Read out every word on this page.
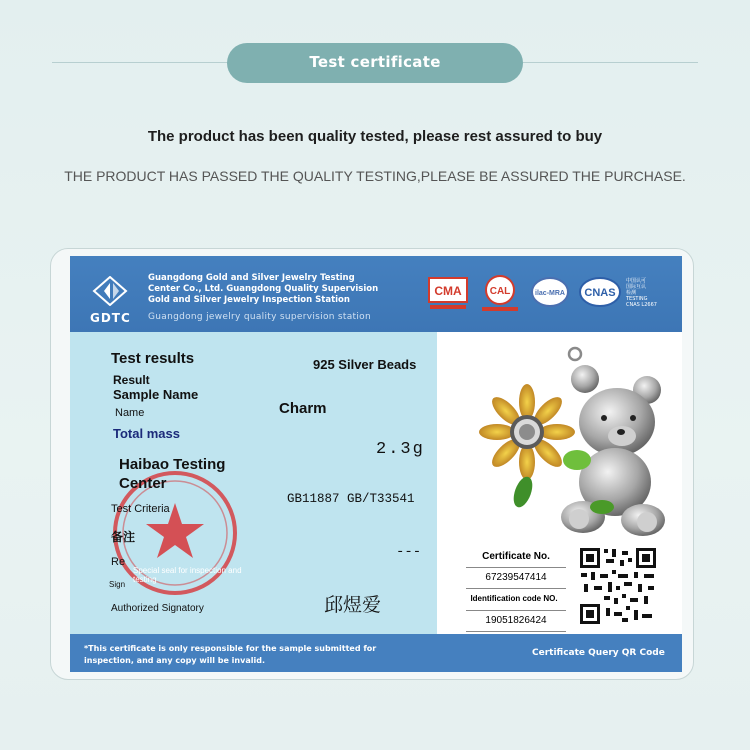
Test certificate
The product has been quality tested, please rest assured to buy
THE PRODUCT HAS PASSED THE QUALITY TESTING,PLEASE BE ASSURED THE PURCHASE.
GDTC
Guangdong Gold and Silver Jewelry Testing
Center Co., Ltd. Guangdong Quality Supervision
Gold and Silver Jewelry Inspection Station
Guangdong jewelry quality supervision station
CMA	CAL	ilac-MRA CNAS
中国认可
国际互认
检测
TESTING
CNAS L2667
Test results
Result
Sample Name
Name
925 Silver Beads
Charm
Total mass
2.3g
Haibao Testing
Center
Test Criteria
GB11887 GB/T33541
备注
Re
---
Special seal for inspection and testing
Sign
邱煜爱
Authorized Signatory
Certificate No.
67239547414
Identification code NO.
19051826424
*This certificate is only responsible for the sample submitted for inspection, and any copy will be invalid.
Certificate Query QR Code
